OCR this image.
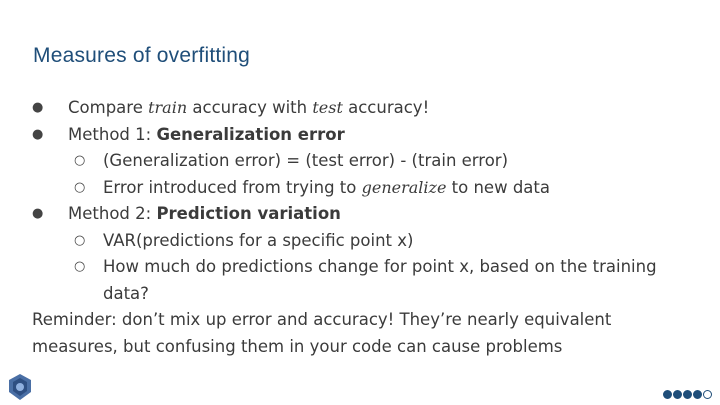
Measures of overfitting
● Compare train accuracy with test accuracy!
● Method 1: Generalization error
○ (Generalization error) = (test error) - (train error)
○ Error introduced from trying to generalize to new data
● Method 2: Prediction variation
○ VAR(predictions for a specific point x)
○ How much do predictions change for point x, based on the training data?
Reminder: don’t mix up error and accuracy! They’re nearly equivalent measures, but confusing them in your code can cause problems
